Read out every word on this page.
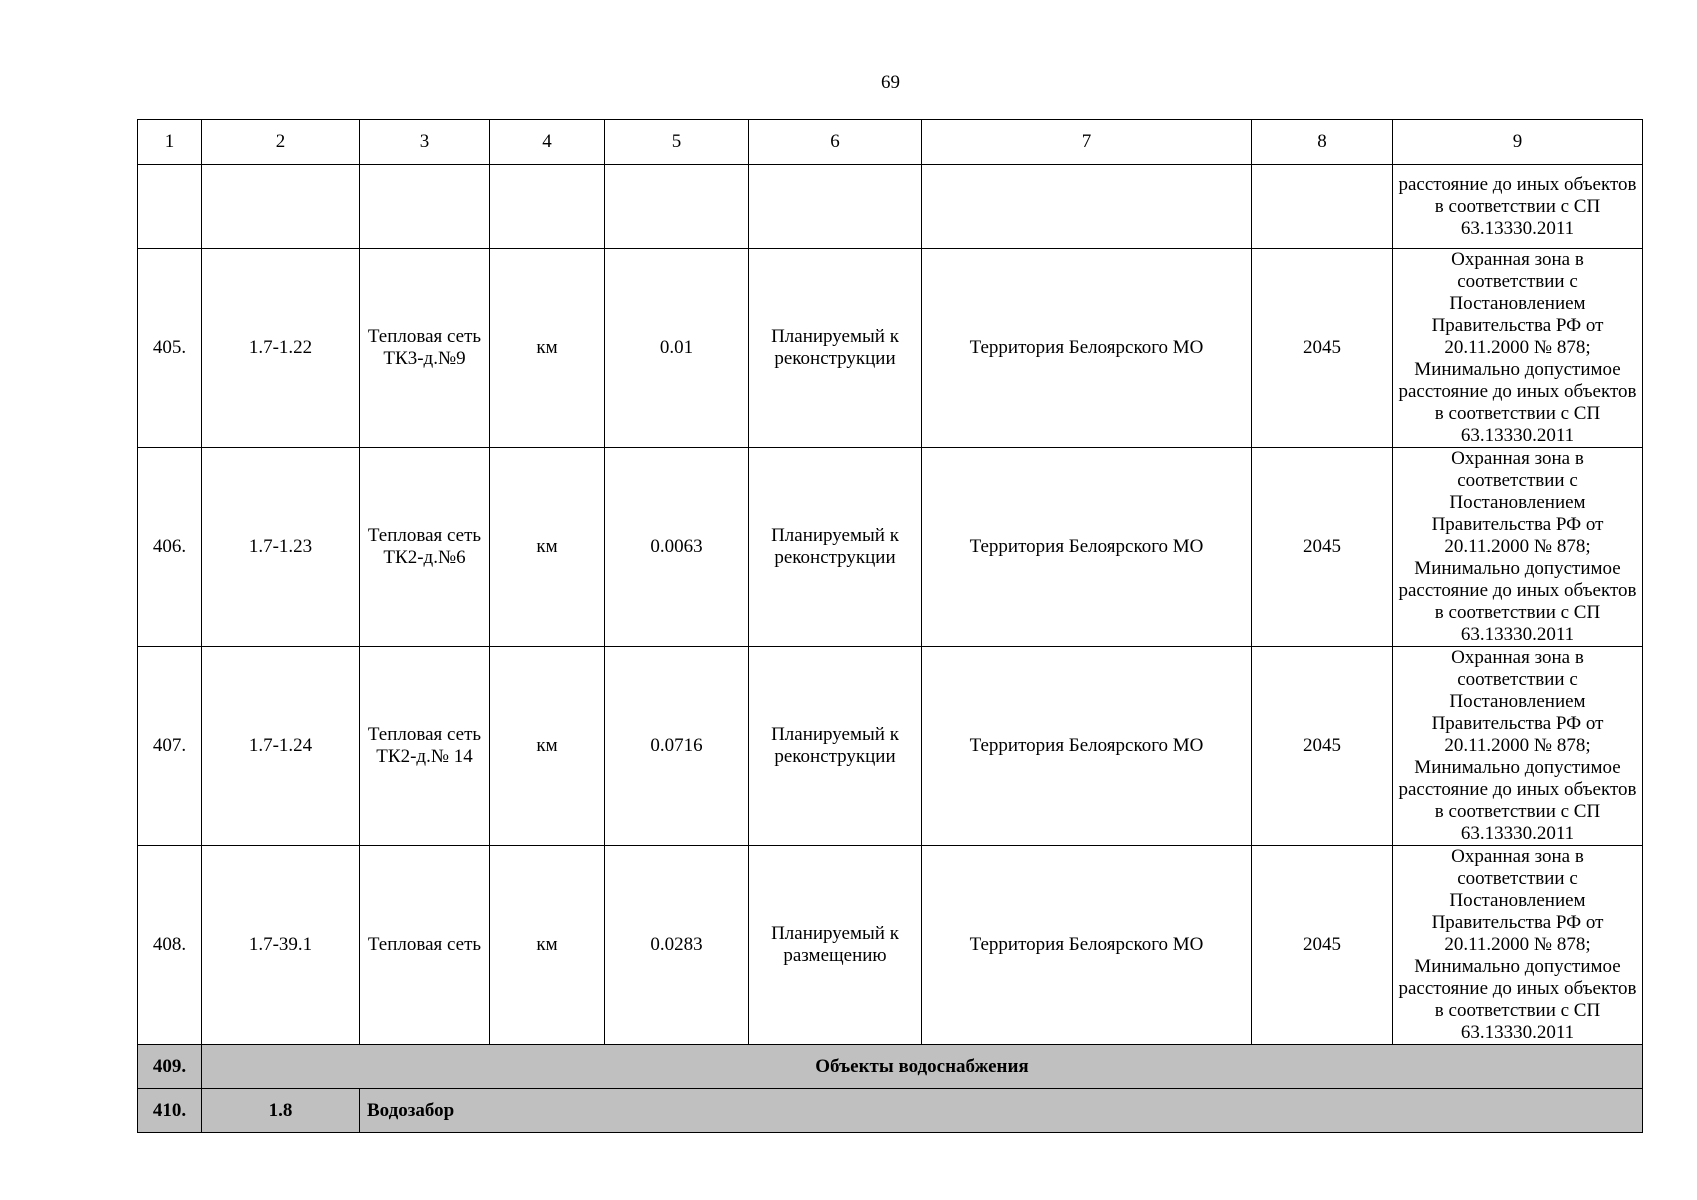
69
1	2	3	4	5	6	7	8	9
								расстояние до иных объектов в соответствии с СП 63.13330.2011
405.	1.7-1.22	Тепловая сеть ТК3-д.№9	км	0.01	Планируемый к реконструкции	Территория Белоярского МО	2045	Охранная зона в соответствии с Постановлением Правительства РФ от 20.11.2000 № 878; Минимально допустимое расстояние до иных объектов в соответствии с СП 63.13330.2011
406.	1.7-1.23	Тепловая сеть ТК2-д.№6	км	0.0063	Планируемый к реконструкции	Территория Белоярского МО	2045	Охранная зона в соответствии с Постановлением Правительства РФ от 20.11.2000 № 878; Минимально допустимое расстояние до иных объектов в соответствии с СП 63.13330.2011
407.	1.7-1.24	Тепловая сеть ТК2-д.№ 14	км	0.0716	Планируемый к реконструкции	Территория Белоярского МО	2045	Охранная зона в соответствии с Постановлением Правительства РФ от 20.11.2000 № 878; Минимально допустимое расстояние до иных объектов в соответствии с СП 63.13330.2011
408.	1.7-39.1	Тепловая сеть	км	0.0283	Планируемый к размещению	Территория Белоярского МО	2045	Охранная зона в соответствии с Постановлением Правительства РФ от 20.11.2000 № 878; Минимально допустимое расстояние до иных объектов в соответствии с СП 63.13330.2011
409.	Объекты водоснабжения							
410.	1.8	Водозабор						
